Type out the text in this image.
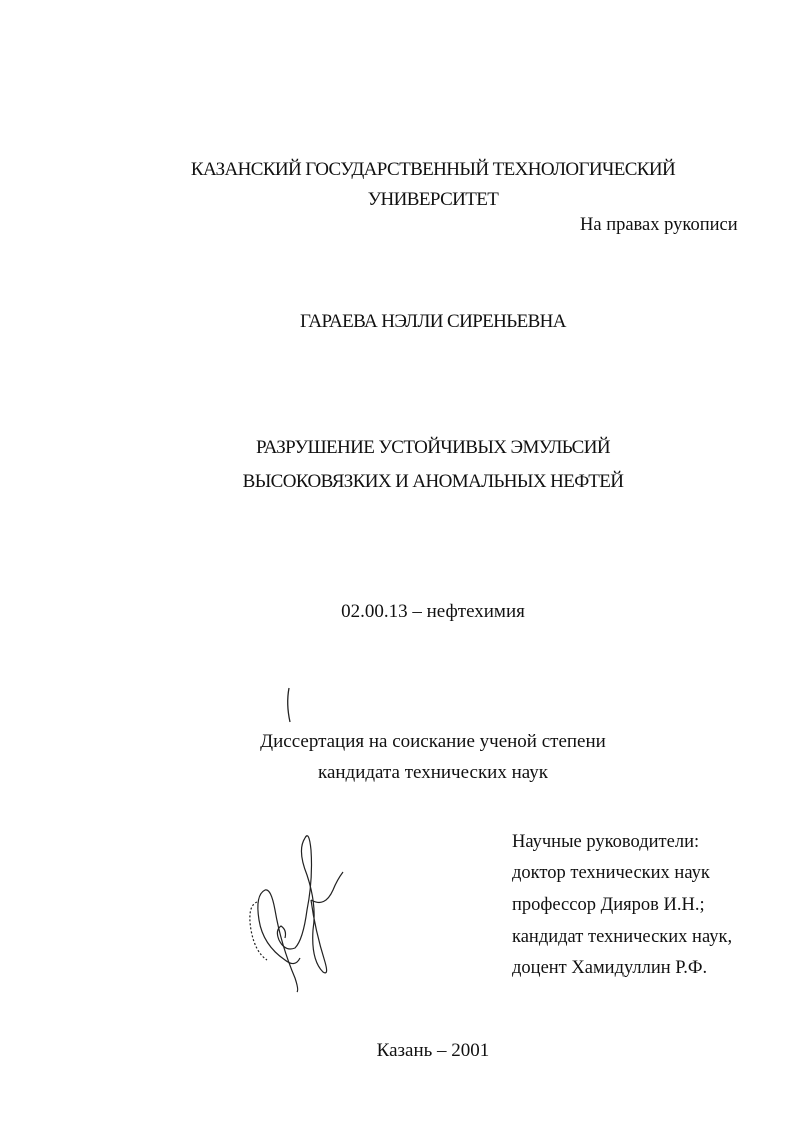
КАЗАНСКИЙ ГОСУДАРСТВЕННЫЙ ТЕХНОЛОГИЧЕСКИЙ
УНИВЕРСИТЕТ
На правах рукописи
ГАРАЕВА НЭЛЛИ СИРЕНЬЕВНА
РАЗРУШЕНИЕ УСТОЙЧИВЫХ ЭМУЛЬСИЙ
ВЫСОКОВЯЗКИХ И АНОМАЛЬНЫХ НЕФТЕЙ
02.00.13 – нефтехимия
Диссертация на соискание ученой степени
кандидата технических наук
Научные руководители:
доктор технических наук
профессор Дияров И.Н.;
кандидат технических наук,
доцент Хамидуллин Р.Ф.
Казань – 2001
